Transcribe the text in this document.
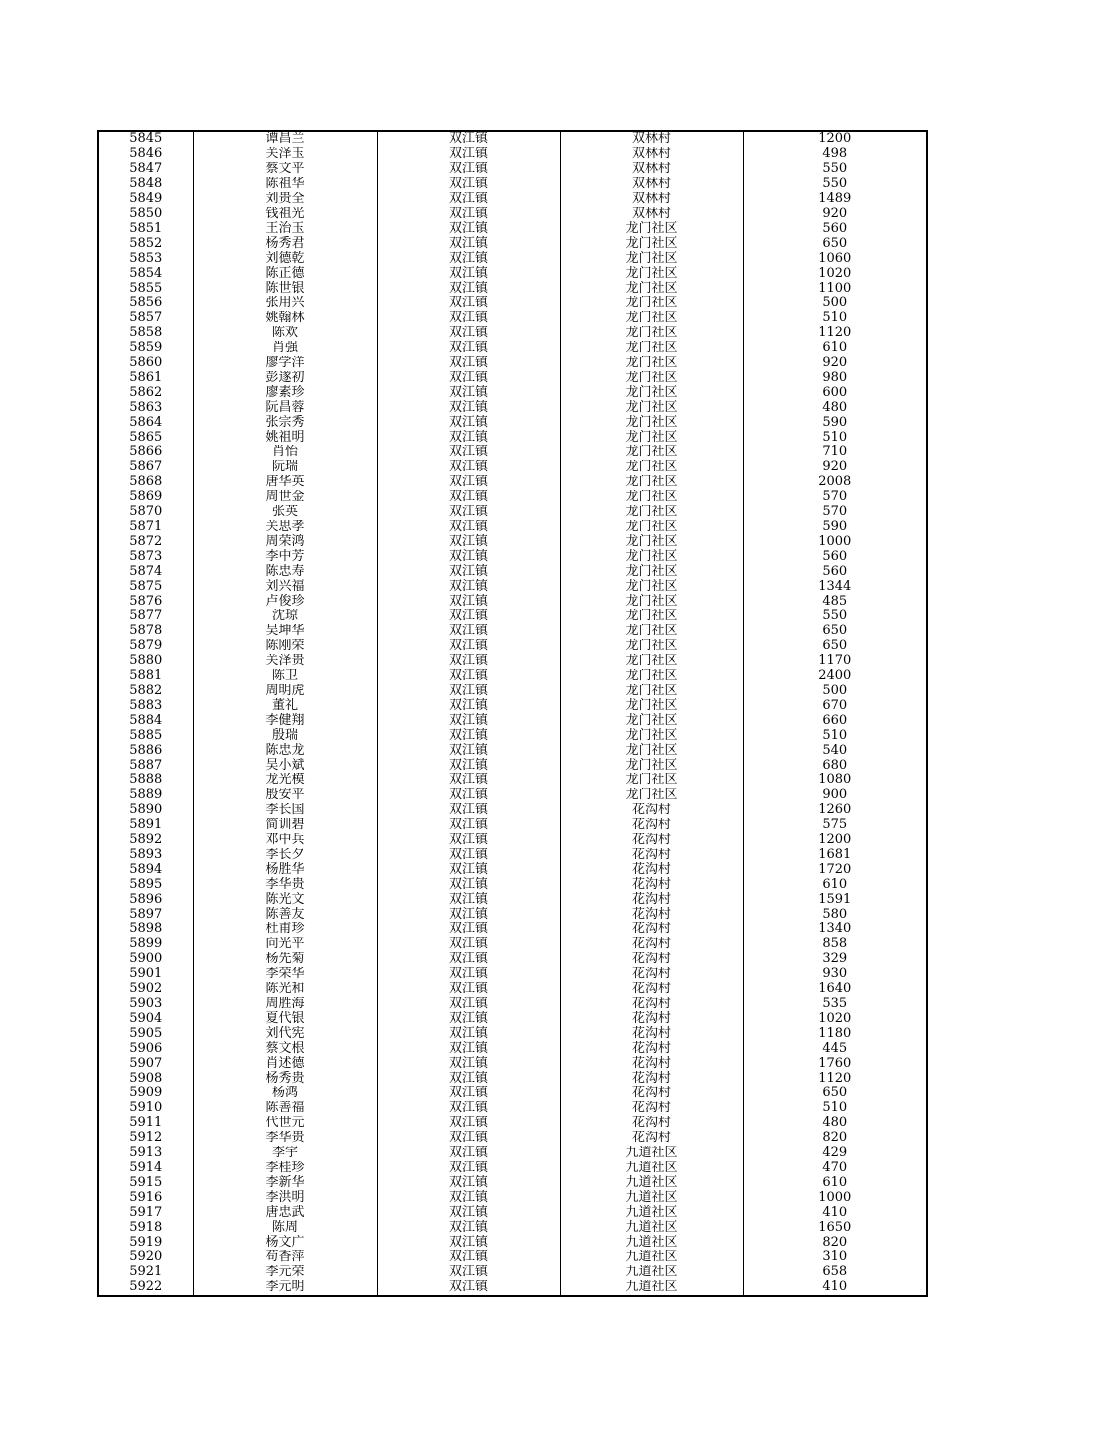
5845	谭昌兰	双江镇	双林村	1200
5846	关泽玉	双江镇	双林村	498
5847	蔡文平	双江镇	双林村	550
5848	陈祖华	双江镇	双林村	550
5849	刘贵全	双江镇	双林村	1489
5850	钱祖光	双江镇	双林村	920
5851	王治玉	双江镇	龙门社区	560
5852	杨秀君	双江镇	龙门社区	650
5853	刘德乾	双江镇	龙门社区	1060
5854	陈正德	双江镇	龙门社区	1020
5855	陈世银	双江镇	龙门社区	1100
5856	张用兴	双江镇	龙门社区	500
5857	姚翰林	双江镇	龙门社区	510
5858	陈欢	双江镇	龙门社区	1120
5859	肖强	双江镇	龙门社区	610
5860	廖学洋	双江镇	龙门社区	920
5861	彭遂初	双江镇	龙门社区	980
5862	廖素珍	双江镇	龙门社区	600
5863	阮昌蓉	双江镇	龙门社区	480
5864	张宗秀	双江镇	龙门社区	590
5865	姚祖明	双江镇	龙门社区	510
5866	肖怡	双江镇	龙门社区	710
5867	阮瑞	双江镇	龙门社区	920
5868	唐华英	双江镇	龙门社区	2008
5869	周世金	双江镇	龙门社区	570
5870	张英	双江镇	龙门社区	570
5871	关思孝	双江镇	龙门社区	590
5872	周荣鸿	双江镇	龙门社区	1000
5873	李中芳	双江镇	龙门社区	560
5874	陈忠寿	双江镇	龙门社区	560
5875	刘兴福	双江镇	龙门社区	1344
5876	卢俊珍	双江镇	龙门社区	485
5877	沈琼	双江镇	龙门社区	550
5878	吴坤华	双江镇	龙门社区	650
5879	陈刚荣	双江镇	龙门社区	650
5880	关泽贵	双江镇	龙门社区	1170
5881	陈卫	双江镇	龙门社区	2400
5882	周明虎	双江镇	龙门社区	500
5883	董礼	双江镇	龙门社区	670
5884	李健翔	双江镇	龙门社区	660
5885	殷瑞	双江镇	龙门社区	510
5886	陈忠龙	双江镇	龙门社区	540
5887	吴小斌	双江镇	龙门社区	680
5888	龙光模	双江镇	龙门社区	1080
5889	殷安平	双江镇	龙门社区	900
5890	李长国	双江镇	花沟村	1260
5891	简训碧	双江镇	花沟村	575
5892	邓中兵	双江镇	花沟村	1200
5893	李长夕	双江镇	花沟村	1681
5894	杨胜华	双江镇	花沟村	1720
5895	李华贵	双江镇	花沟村	610
5896	陈光文	双江镇	花沟村	1591
5897	陈善友	双江镇	花沟村	580
5898	杜甫珍	双江镇	花沟村	1340
5899	向光平	双江镇	花沟村	858
5900	杨先菊	双江镇	花沟村	329
5901	李荣华	双江镇	花沟村	930
5902	陈光和	双江镇	花沟村	1640
5903	周胜海	双江镇	花沟村	535
5904	夏代银	双江镇	花沟村	1020
5905	刘代宪	双江镇	花沟村	1180
5906	蔡文根	双江镇	花沟村	445
5907	肖述德	双江镇	花沟村	1760
5908	杨秀贵	双江镇	花沟村	1120
5909	杨鸿	双江镇	花沟村	650
5910	陈善福	双江镇	花沟村	510
5911	代世元	双江镇	花沟村	480
5912	李华贵	双江镇	花沟村	820
5913	李宇	双江镇	九道社区	429
5914	李桂珍	双江镇	九道社区	470
5915	李新华	双江镇	九道社区	610
5916	李洪明	双江镇	九道社区	1000
5917	唐忠武	双江镇	九道社区	410
5918	陈周	双江镇	九道社区	1650
5919	杨文广	双江镇	九道社区	820
5920	苟香萍	双江镇	九道社区	310
5921	李元荣	双江镇	九道社区	658
5922	李元明	双江镇	九道社区	410
